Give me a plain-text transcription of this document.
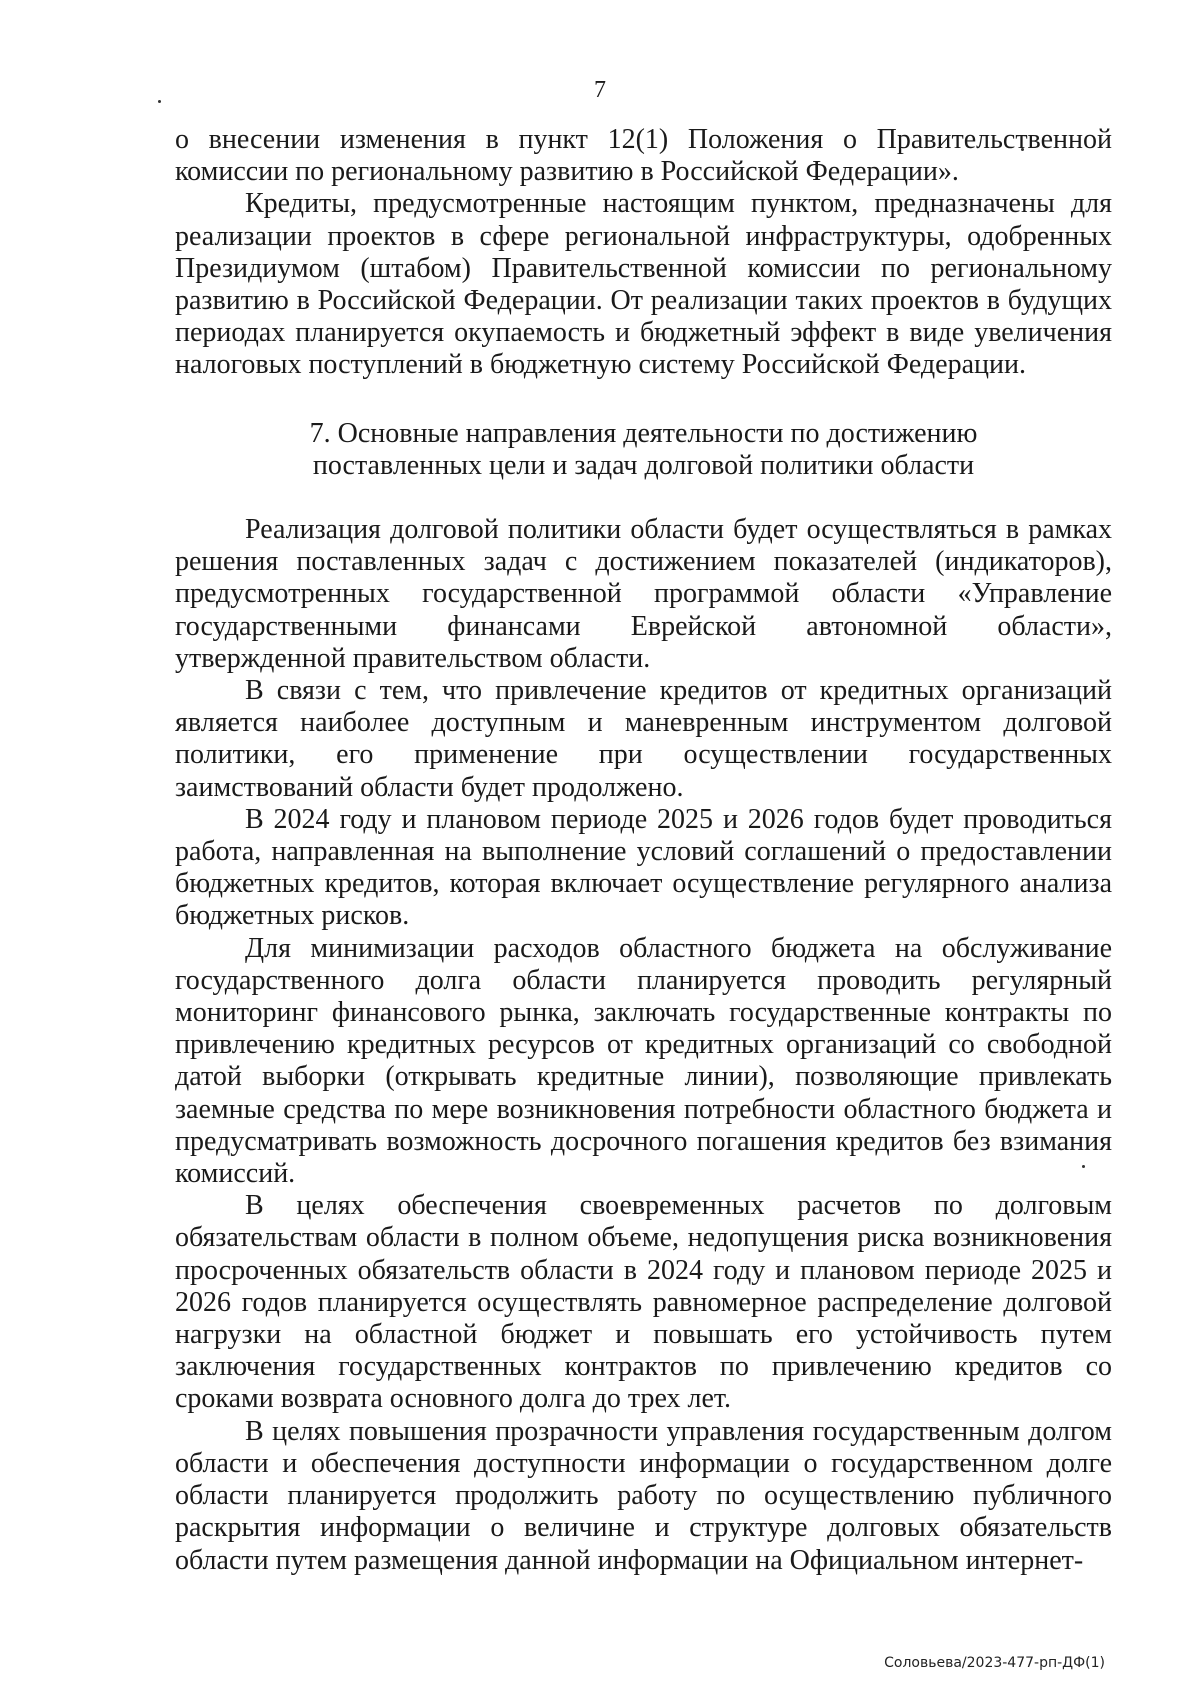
7

о внесении изменения в пункт 12(1) Положения о Правительственной комиссии по региональному развитию в Российской Федерации».

Кредиты, предусмотренные настоящим пунктом, предназначены для реализации проектов в сфере региональной инфраструктуры, одобренных Президиумом (штабом) Правительственной комиссии по региональному развитию в Российской Федерации. От реализации таких проектов в будущих периодах планируется окупаемость и бюджетный эффект в виде увеличения налоговых поступлений в бюджетную систему Российской Федерации.

7. Основные направления деятельности по достижению
поставленных цели и задач долговой политики области

Реализация долговой политики области будет осуществляться в рамках решения поставленных задач с достижением показателей (индикаторов), предусмотренных государственной программой области «Управление государственными финансами Еврейской автономной области», утвержденной правительством области.

В связи с тем, что привлечение кредитов от кредитных организаций является наиболее доступным и маневренным инструментом долговой политики, его применение при осуществлении государственных заимствований области будет продолжено.

В 2024 году и плановом периоде 2025 и 2026 годов будет проводиться работа, направленная на выполнение условий соглашений о предоставлении бюджетных кредитов, которая включает осуществление регулярного анализа бюджетных рисков.

Для минимизации расходов областного бюджета на обслуживание государственного долга области планируется проводить регулярный мониторинг финансового рынка, заключать государственные контракты по привлечению кредитных ресурсов от кредитных организаций со свободной датой выборки (открывать кредитные линии), позволяющие привлекать заемные средства по мере возникновения потребности областного бюджета и предусматривать возможность досрочного погашения кредитов без взимания комиссий.

В целях обеспечения своевременных расчетов по долговым обязательствам области в полном объеме, недопущения риска возникновения просроченных обязательств области в 2024 году и плановом периоде 2025 и 2026 годов планируется осуществлять равномерное распределение долговой нагрузки на областной бюджет и повышать его устойчивость путем заключения государственных контрактов по привлечению кредитов со сроками возврата основного долга до трех лет.

В целях повышения прозрачности управления государственным долгом области и обеспечения доступности информации о государственном долге области планируется продолжить работу по осуществлению публичного раскрытия информации о величине и структуре долговых обязательств области путем размещения данной информации на Официальном интернет-

Соловьева/2023-477-рп-ДФ(1)
